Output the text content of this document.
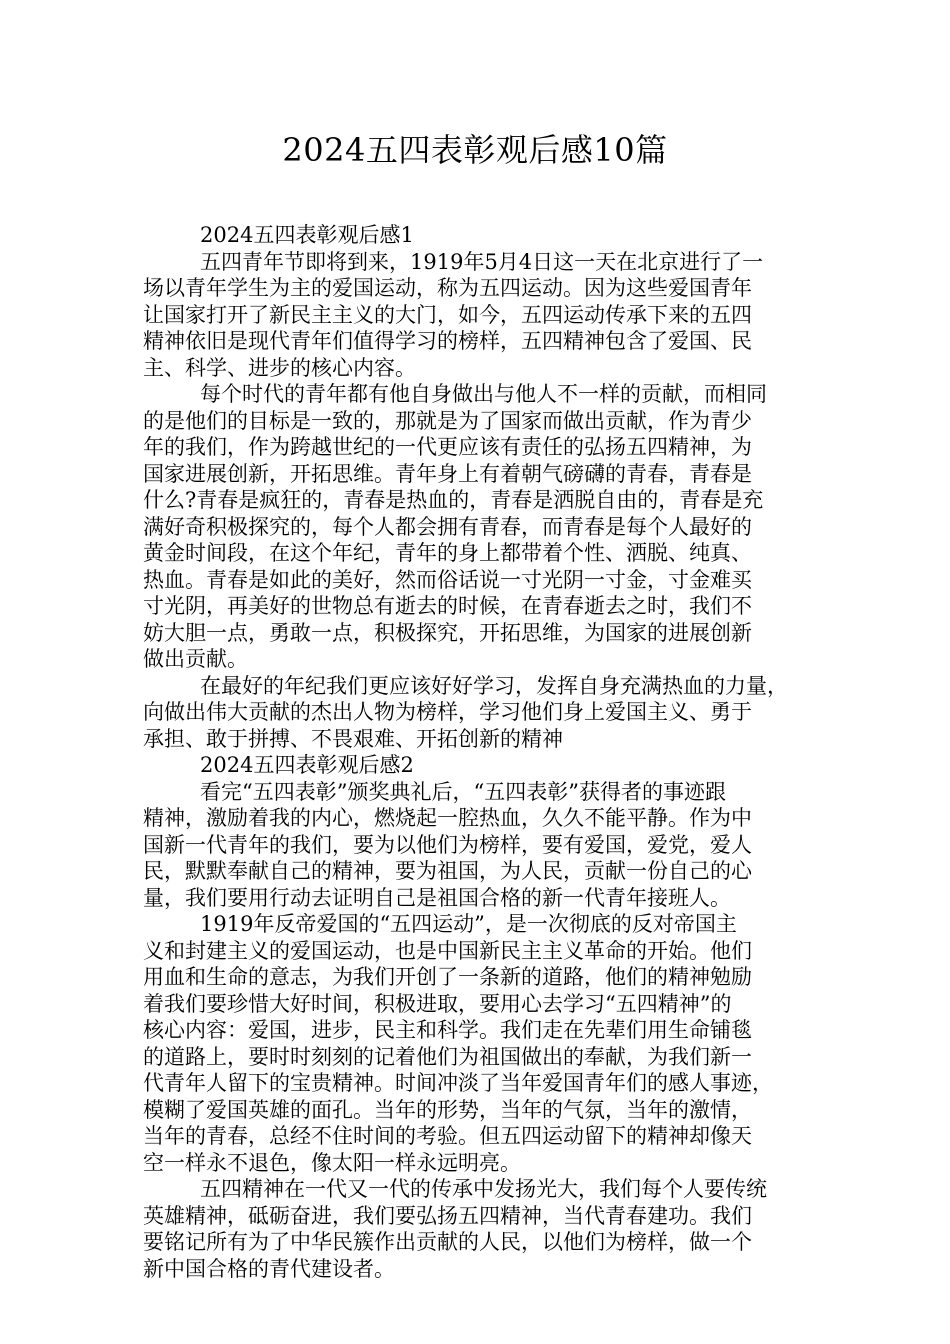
2024五四表彰观后感10篇
2024五四表彰观后感1
五四青年节即将到来，1919年5月4日这一天在北京进行了一
场以青年学生为主的爱国运动，称为五四运动。因为这些爱国青年
让国家打开了新民主主义的大门，如今，五四运动传承下来的五四
精神依旧是现代青年们值得学习的榜样，五四精神包含了爱国、民
主、科学、进步的核心内容。
每个时代的青年都有他自身做出与他人不一样的贡献，而相同
的是他们的目标是一致的，那就是为了国家而做出贡献，作为青少
年的我们，作为跨越世纪的一代更应该有责任的弘扬五四精神，为
国家进展创新，开拓思维。青年身上有着朝气磅礴的青春，青春是
什么?青春是疯狂的，青春是热血的，青春是洒脱自由的，青春是充
满好奇积极探究的，每个人都会拥有青春，而青春是每个人最好的
黄金时间段，在这个年纪，青年的身上都带着个性、洒脱、纯真、
热血。青春是如此的美好，然而俗话说一寸光阴一寸金，寸金难买
寸光阴，再美好的世物总有逝去的时候，在青春逝去之时，我们不
妨大胆一点，勇敢一点，积极探究，开拓思维，为国家的进展创新
做出贡献。
在最好的年纪我们更应该好好学习，发挥自身充满热血的力量，
向做出伟大贡献的杰出人物为榜样，学习他们身上爱国主义、勇于
承担、敢于拼搏、不畏艰难、开拓创新的精神
2024五四表彰观后感2
看完“五四表彰”颁奖典礼后，“五四表彰”获得者的事迹跟
精神，激励着我的内心，燃烧起一腔热血，久久不能平静。作为中
国新一代青年的我们，要为以他们为榜样，要有爱国，爱党，爱人
民，默默奉献自己的精神，要为祖国，为人民，贡献一份自己的心
量，我们要用行动去证明自己是祖国合格的新一代青年接班人。
1919年反帝爱国的“五四运动”，是一次彻底的反对帝国主
义和封建主义的爱国运动，也是中国新民主主义革命的开始。他们
用血和生命的意志，为我们开创了一条新的道路，他们的精神勉励
着我们要珍惜大好时间，积极进取，要用心去学习“五四精神”的
核心内容：爱国，进步，民主和科学。我们走在先辈们用生命铺毯
的道路上，要时时刻刻的记着他们为祖国做出的奉献，为我们新一
代青年人留下的宝贵精神。时间冲淡了当年爱国青年们的感人事迹，
模糊了爱国英雄的面孔。当年的形势，当年的气氛，当年的激情，
当年的青春，总经不住时间的考验。但五四运动留下的精神却像天
空一样永不退色，像太阳一样永远明亮。
五四精神在一代又一代的传承中发扬光大，我们每个人要传统
英雄精神，砥砺奋进，我们要弘扬五四精神，当代青春建功。我们
要铭记所有为了中华民簇作出贡献的人民，以他们为榜样，做一个
新中国合格的青代建设者。
